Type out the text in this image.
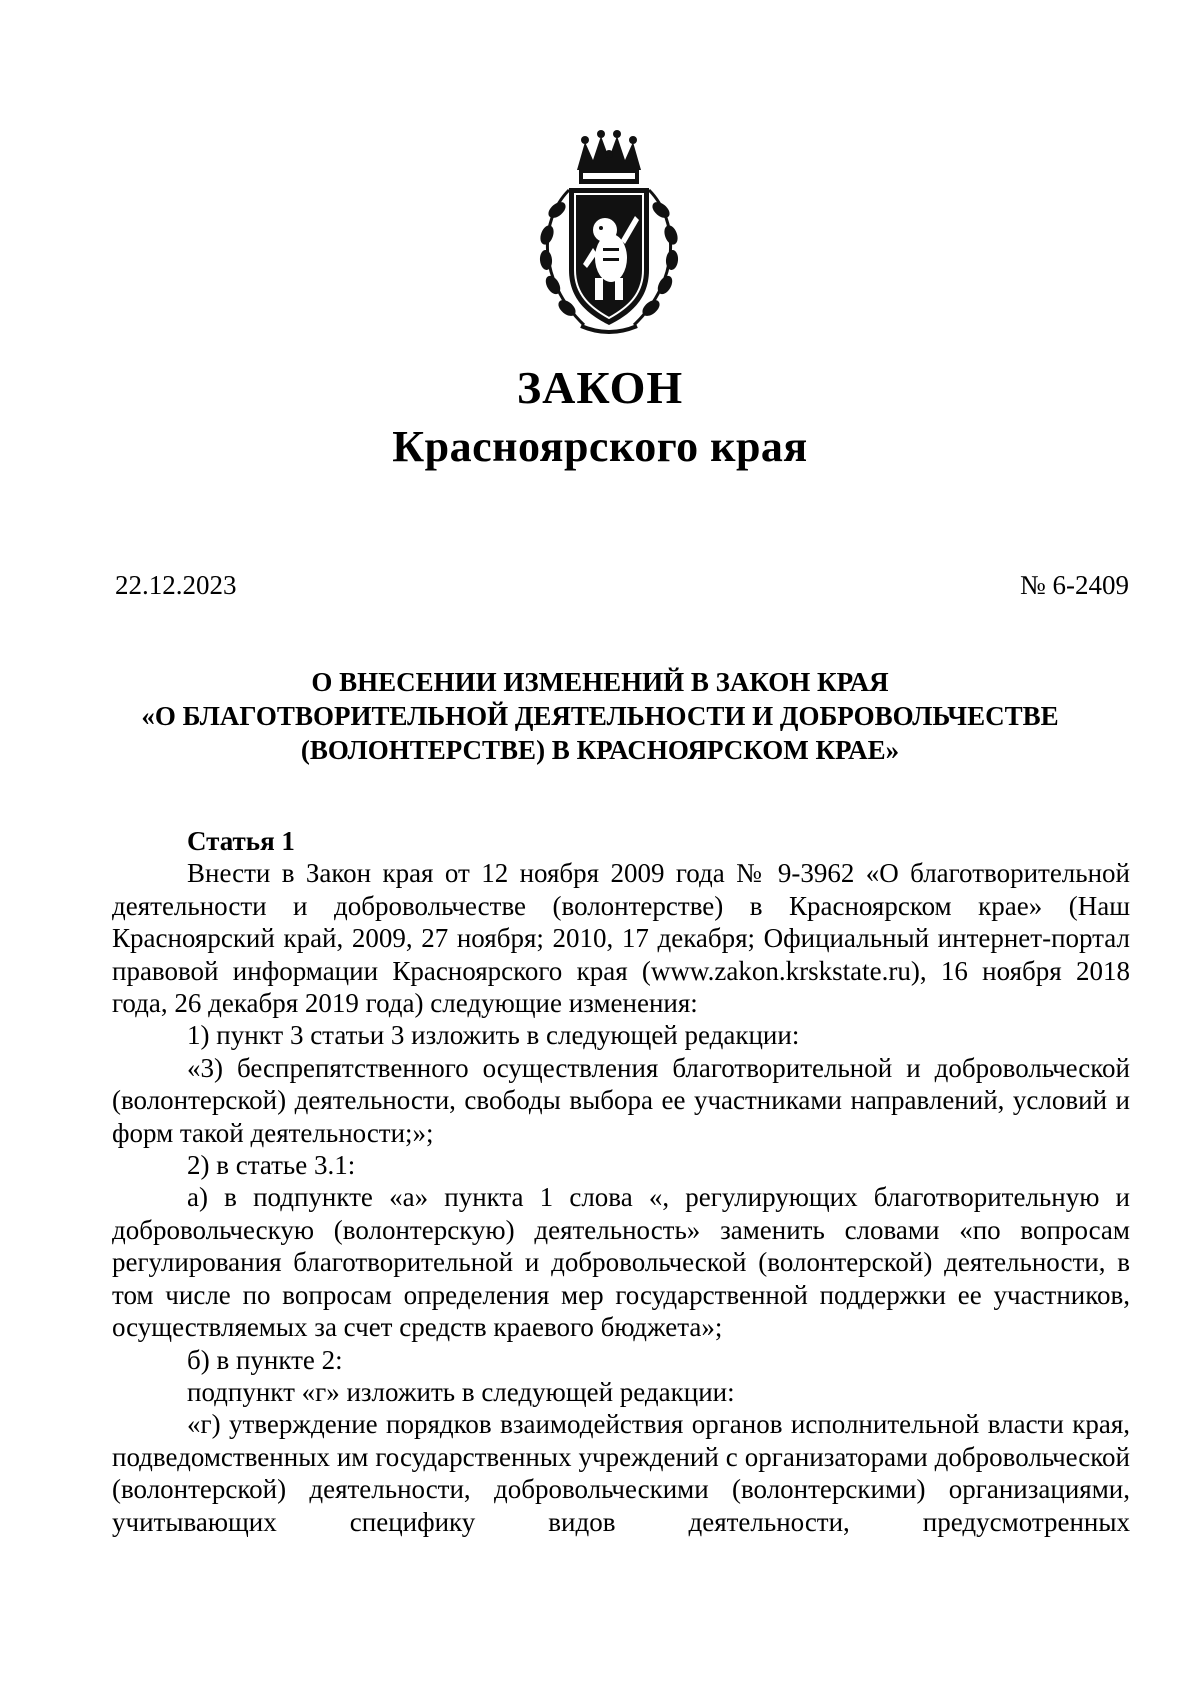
ЗАКОН
Красноярского края
22.12.2023	№ 6-2409
О ВНЕСЕНИИ ИЗМЕНЕНИЙ В ЗАКОН КРАЯ
«О БЛАГОТВОРИТЕЛЬНОЙ ДЕЯТЕЛЬНОСТИ И ДОБРОВОЛЬЧЕСТВЕ
(ВОЛОНТЕРСТВЕ) В КРАСНОЯРСКОМ КРАЕ»

Статья 1

Внести в Закон края от 12 ноября 2009 года № 9-3962 «О благотворительной деятельности и добровольчестве (волонтерстве) в Красноярском крае» (Наш Красноярский край, 2009, 27 ноября; 2010, 17 декабря; Официальный интернет-портал правовой информации Красноярского края (www.zakon.krskstate.ru), 16 ноября 2018 года, 26 декабря 2019 года) следующие изменения:

1) пункт 3 статьи 3 изложить в следующей редакции:

«3) беспрепятственного осуществления благотворительной и добровольческой (волонтерской) деятельности, свободы выбора ее участниками направлений, условий и форм такой деятельности;»;

2) в статье 3.1:

а) в подпункте «а» пункта 1 слова «, регулирующих благотворительную и добровольческую (волонтерскую) деятельность» заменить словами «по вопросам регулирования благотворительной и добровольческой (волонтерской) деятельности, в том числе по вопросам определения мер государственной поддержки ее участников, осуществляемых за счет средств краевого бюджета»;

б) в пункте 2:

подпункт «г» изложить в следующей редакции:

«г) утверждение порядков взаимодействия органов исполнительной власти края, подведомственных им государственных учреждений с организаторами добровольческой (волонтерской) деятельности, добровольческими (волонтерскими) организациями, учитывающих специфику видов деятельности, предусмотренных
